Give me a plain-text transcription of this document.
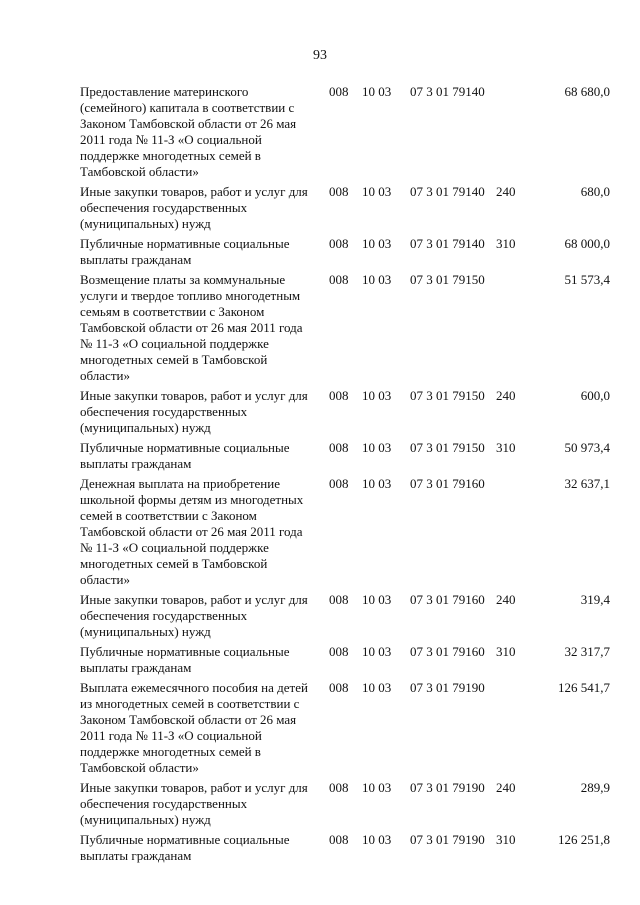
93
Предоставление материнского (семейного) капитала в соответствии с Законом Тамбовской области от 26 мая 2011 года № 11-З «О социальной поддержке многодетных семей в Тамбовской области»
008 10 03 07 3 01 79140	68 680,0
Иные закупки товаров, работ и услуг для обеспечения государственных (муниципальных) нужд
008 10 03 07 3 01 79140 240	680,0
Публичные нормативные социальные выплаты гражданам
008 10 03 07 3 01 79140 310	68 000,0
Возмещение платы за коммунальные услуги и твердое топливо многодетным семьям в соответствии с Законом Тамбовской области от 26 мая 2011 года № 11-З «О социальной поддержке многодетных семей в Тамбовской области»
008 10 03 07 3 01 79150	51 573,4
Иные закупки товаров, работ и услуг для обеспечения государственных (муниципальных) нужд
008 10 03 07 3 01 79150 240	600,0
Публичные нормативные социальные выплаты гражданам
008 10 03 07 3 01 79150 310	50 973,4
Денежная выплата на приобретение школьной формы детям из многодетных семей в соответствии с Законом Тамбовской области от 26 мая 2011 года № 11-З «О социальной поддержке многодетных семей в Тамбовской области»
008 10 03 07 3 01 79160	32 637,1
Иные закупки товаров, работ и услуг для обеспечения государственных (муниципальных) нужд
008 10 03 07 3 01 79160 240	319,4
Публичные нормативные социальные выплаты гражданам
008 10 03 07 3 01 79160 310	32 317,7
Выплата ежемесячного пособия на детей из многодетных семей в соответствии с Законом Тамбовской области от 26 мая 2011 года № 11-З «О социальной поддержке многодетных семей в Тамбовской области»
008 10 03 07 3 01 79190	126 541,7
Иные закупки товаров, работ и услуг для обеспечения государственных (муниципальных) нужд
008 10 03 07 3 01 79190 240	289,9
Публичные нормативные социальные выплаты гражданам
008 10 03 07 3 01 79190 310	126 251,8
